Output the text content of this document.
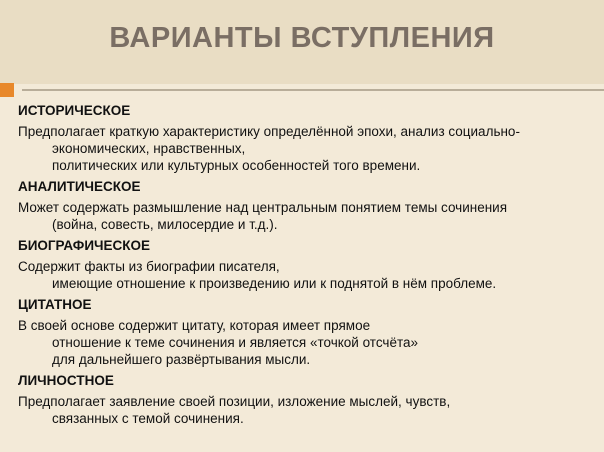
ВАРИАНТЫ ВСТУПЛЕНИЯ
ИСТОРИЧЕСКОЕ
Предполагает краткую характеристику определённой эпохи, анализ социально-
экономических, нравственных,
политических или культурных особенностей того времени.
АНАЛИТИЧЕСКОЕ
Может содержать размышление над центральным понятием темы сочинения
(война, совесть, милосердие и т.д.).
БИОГРАФИЧЕСКОЕ
Содержит факты из биографии писателя,
имеющие отношение к произведению или к поднятой в нём проблеме.
ЦИТАТНОЕ
В своей основе содержит цитату, которая имеет прямое
отношение к теме сочинения и является «точкой отсчёта»
для дальнейшего развёртывания мысли.
ЛИЧНОСТНОЕ
Предполагает заявление своей позиции, изложение мыслей, чувств,
связанных с темой сочинения.
